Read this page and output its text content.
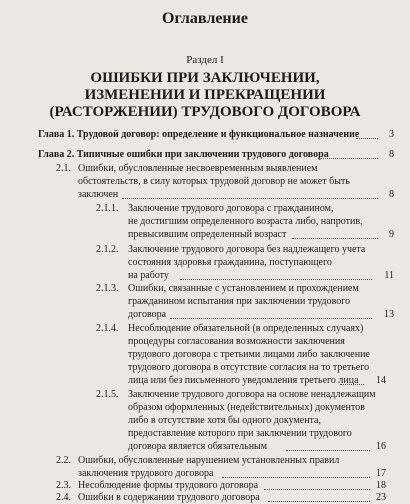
Оглавление
Раздел I
ОШИБКИ ПРИ ЗАКЛЮЧЕНИИ,
ИЗМЕНЕНИИ И ПРЕКРАЩЕНИИ
(РАСТОРЖЕНИИ) ТРУДОВОГО ДОГОВОРА
Глава 1. Трудовой договор: определение и функциональное назначение	3
Глава 2. Типичные ошибки при заключении трудового договора	8
2.1. Ошибки, обусловленные несвоевременным выявлением
обстоятельств, в силу которых трудовой договор не может быть
заключен	8
2.1.1. Заключение трудового договора с гражданином,
не достигшим определенного возраста либо, напротив,
превысившим определенный возраст	9
2.1.2. Заключение трудового договора без надлежащего учета
состояния здоровья гражданина, поступающего
на работу	11
2.1.3. Ошибки, связанные с установлением и прохождением
гражданином испытания при заключении трудового
договора	13
2.1.4. Несоблюдение обязательной (в определенных случаях)
процедуры согласования возможности заключения
трудового договора с третьими лицами либо заключение
трудового договора в отсутствие согласия на то третьего
лица или без письменного уведомления третьего лица	14
2.1.5. Заключение трудового договора на основе ненадлежащим
образом оформленных (недействительных) документов
либо в отсутствие хотя бы одного документа,
предоставление которого при заключении трудового
договора является обязательным	16
2.2. Ошибки, обусловленные нарушением установленных правил
заключения трудового договора	17
2.3. Несоблюдение формы трудового договора	18
2.4. Ошибки в содержании трудового договора	23
